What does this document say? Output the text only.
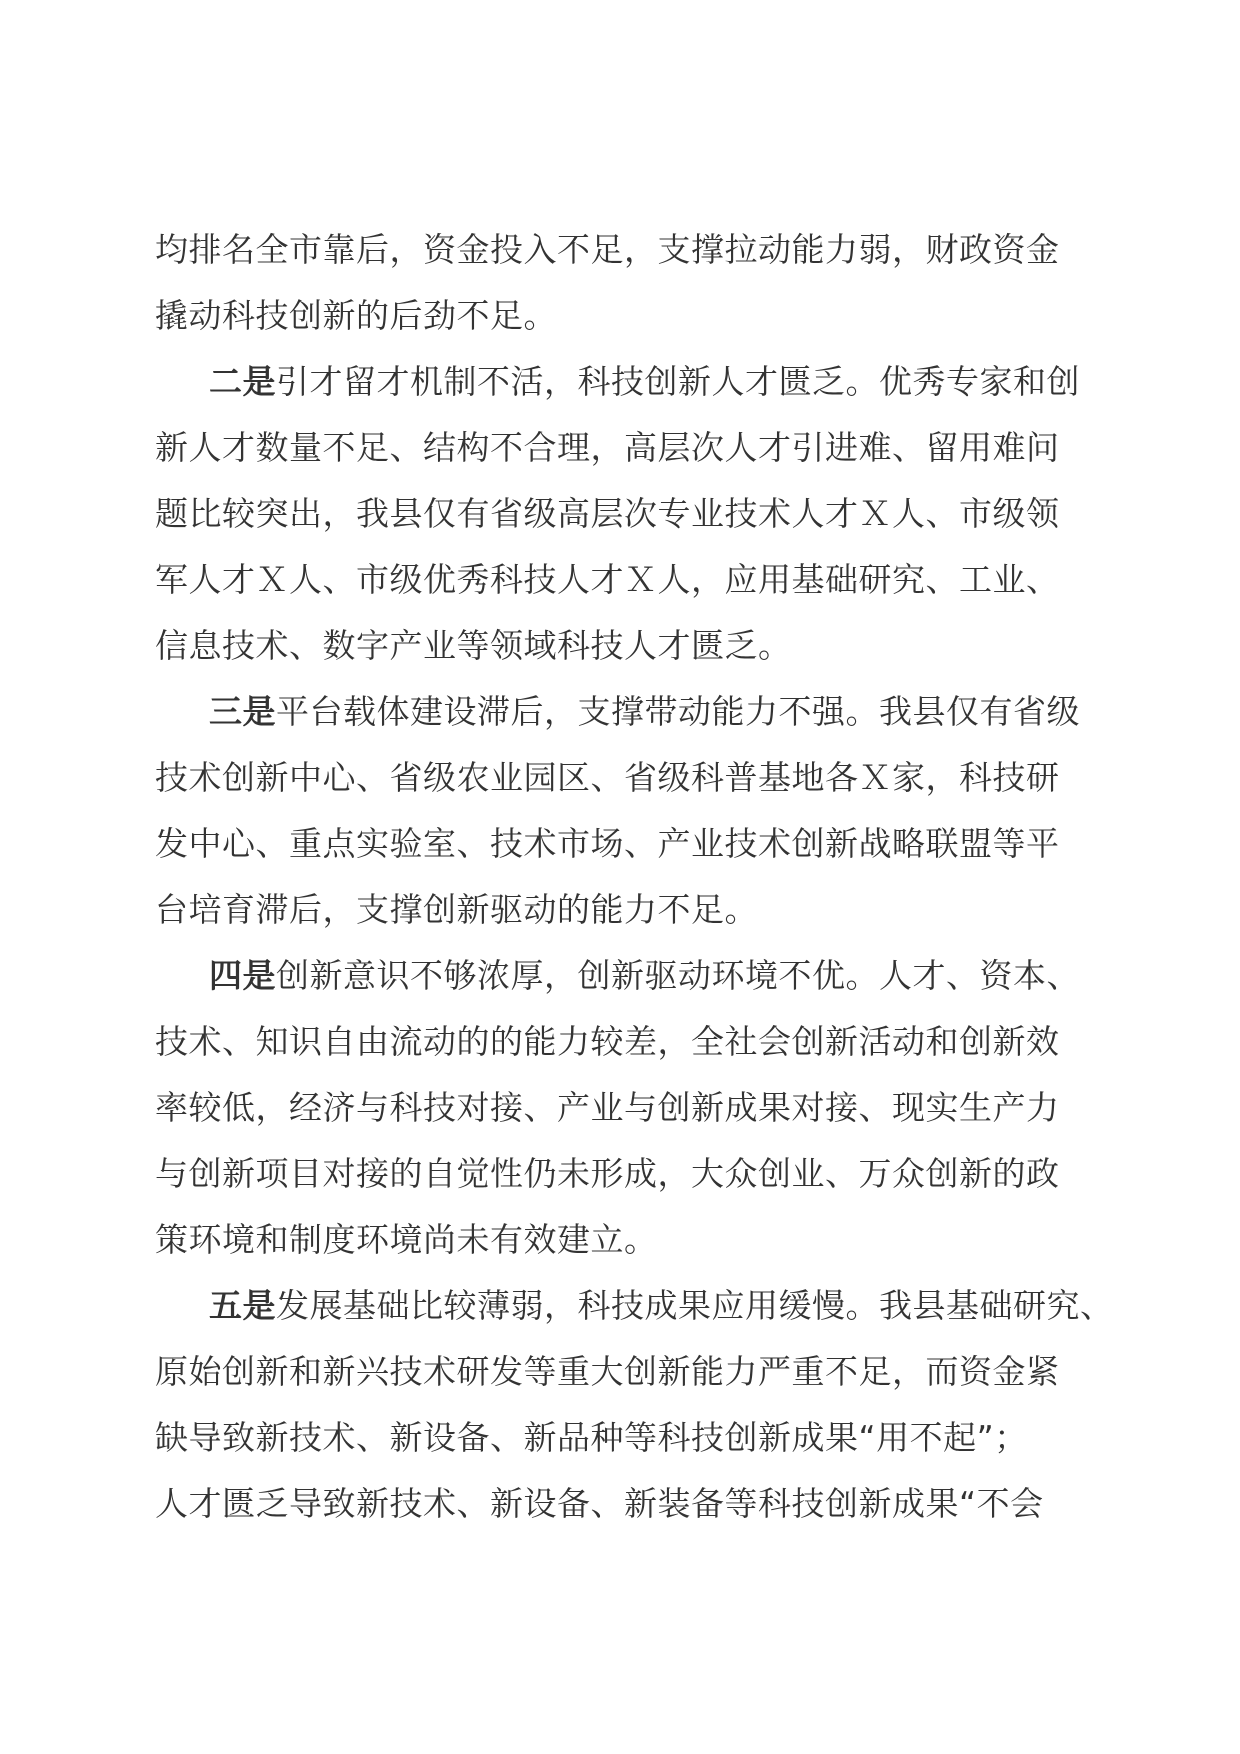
均排名全市靠后，资金投入不足，支撑拉动能力弱，财政资金
撬动科技创新的后劲不足。
二是引才留才机制不活，科技创新人才匮乏。优秀专家和创
新人才数量不足、结构不合理，高层次人才引进难、留用难问
题比较突出，我县仅有省级高层次专业技术人才Ｘ人、市级领
军人才Ｘ人、市级优秀科技人才Ｘ人，应用基础研究、工业、
信息技术、数字产业等领域科技人才匮乏。
三是平台载体建设滞后，支撑带动能力不强。我县仅有省级
技术创新中心、省级农业园区、省级科普基地各Ｘ家，科技研
发中心、重点实验室、技术市场、产业技术创新战略联盟等平
台培育滞后，支撑创新驱动的能力不足。
四是创新意识不够浓厚，创新驱动环境不优。人才、资本、
技术、知识自由流动的的能力较差，全社会创新活动和创新效
率较低，经济与科技对接、产业与创新成果对接、现实生产力
与创新项目对接的自觉性仍未形成，大众创业、万众创新的政
策环境和制度环境尚未有效建立。
五是发展基础比较薄弱，科技成果应用缓慢。我县基础研究、
原始创新和新兴技术研发等重大创新能力严重不足，而资金紧
缺导致新技术、新设备、新品种等科技创新成果“用不起”；
人才匮乏导致新技术、新设备、新装备等科技创新成果“不会
